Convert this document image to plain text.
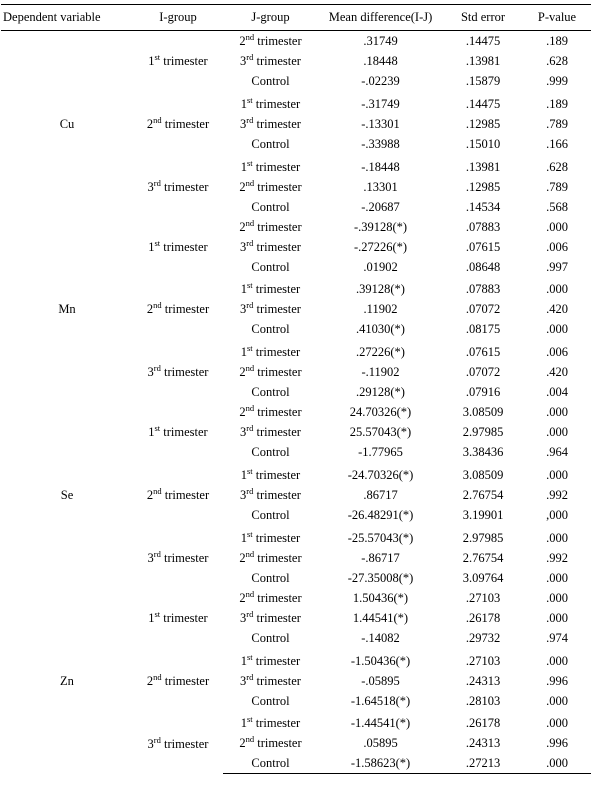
Dependent variable	I-group	J-group	Mean difference(I-J)	Std error	P-value
Cu	1st trimester	2nd trimester	.31749	.14475	.189
		3rd trimester	.18448	.13981	.628
		Control	-.02239	.15879	.999

	2nd trimester	1st trimester	-.31749	.14475	.189
		3rd trimester	-.13301	.12985	.789
		Control	-.33988	.15010	.166

	3rd trimester	1st trimester	-.18448	.13981	.628
		2nd trimester	.13301	.12985	.789
		Control	-.20687	.14534	.568
Mn	1st trimester	2nd trimester	-.39128(*)	.07883	.000
		3rd trimester	-.27226(*)	.07615	.006
		Control	.01902	.08648	.997

	2nd trimester	1st trimester	.39128(*)	.07883	.000
		3rd trimester	.11902	.07072	.420
		Control	.41030(*)	.08175	.000

	3rd trimester	1st trimester	.27226(*)	.07615	.006
		2nd trimester	-.11902	.07072	.420
		Control	.29128(*)	.07916	.004
Se	1st trimester	2nd trimester	24.70326(*)	3.08509	.000
		3rd trimester	25.57043(*)	2.97985	.000
		Control	-1.77965	3.38436	.964

	2nd trimester	1st trimester	-24.70326(*)	3.08509	.000
		3rd trimester	.86717	2.76754	.992
		Control	-26.48291(*)	3.19901	,000

	3rd trimester	1st trimester	-25.57043(*)	2.97985	.000
		2nd trimester	-.86717	2.76754	.992
		Control	-27.35008(*)	3.09764	.000
Zn	1st trimester	2nd trimester	1.50436(*)	.27103	.000
		3rd trimester	1.44541(*)	.26178	.000
		Control	-.14082	.29732	.974

	2nd trimester	1st trimester	-1.50436(*)	.27103	.000
		3rd trimester	-.05895	.24313	.996
		Control	-1.64518(*)	.28103	.000

	3rd trimester	1st trimester	-1.44541(*)	.26178	.000
		2nd trimester	.05895	.24313	.996
		Control	-1.58623(*)	.27213	.000
